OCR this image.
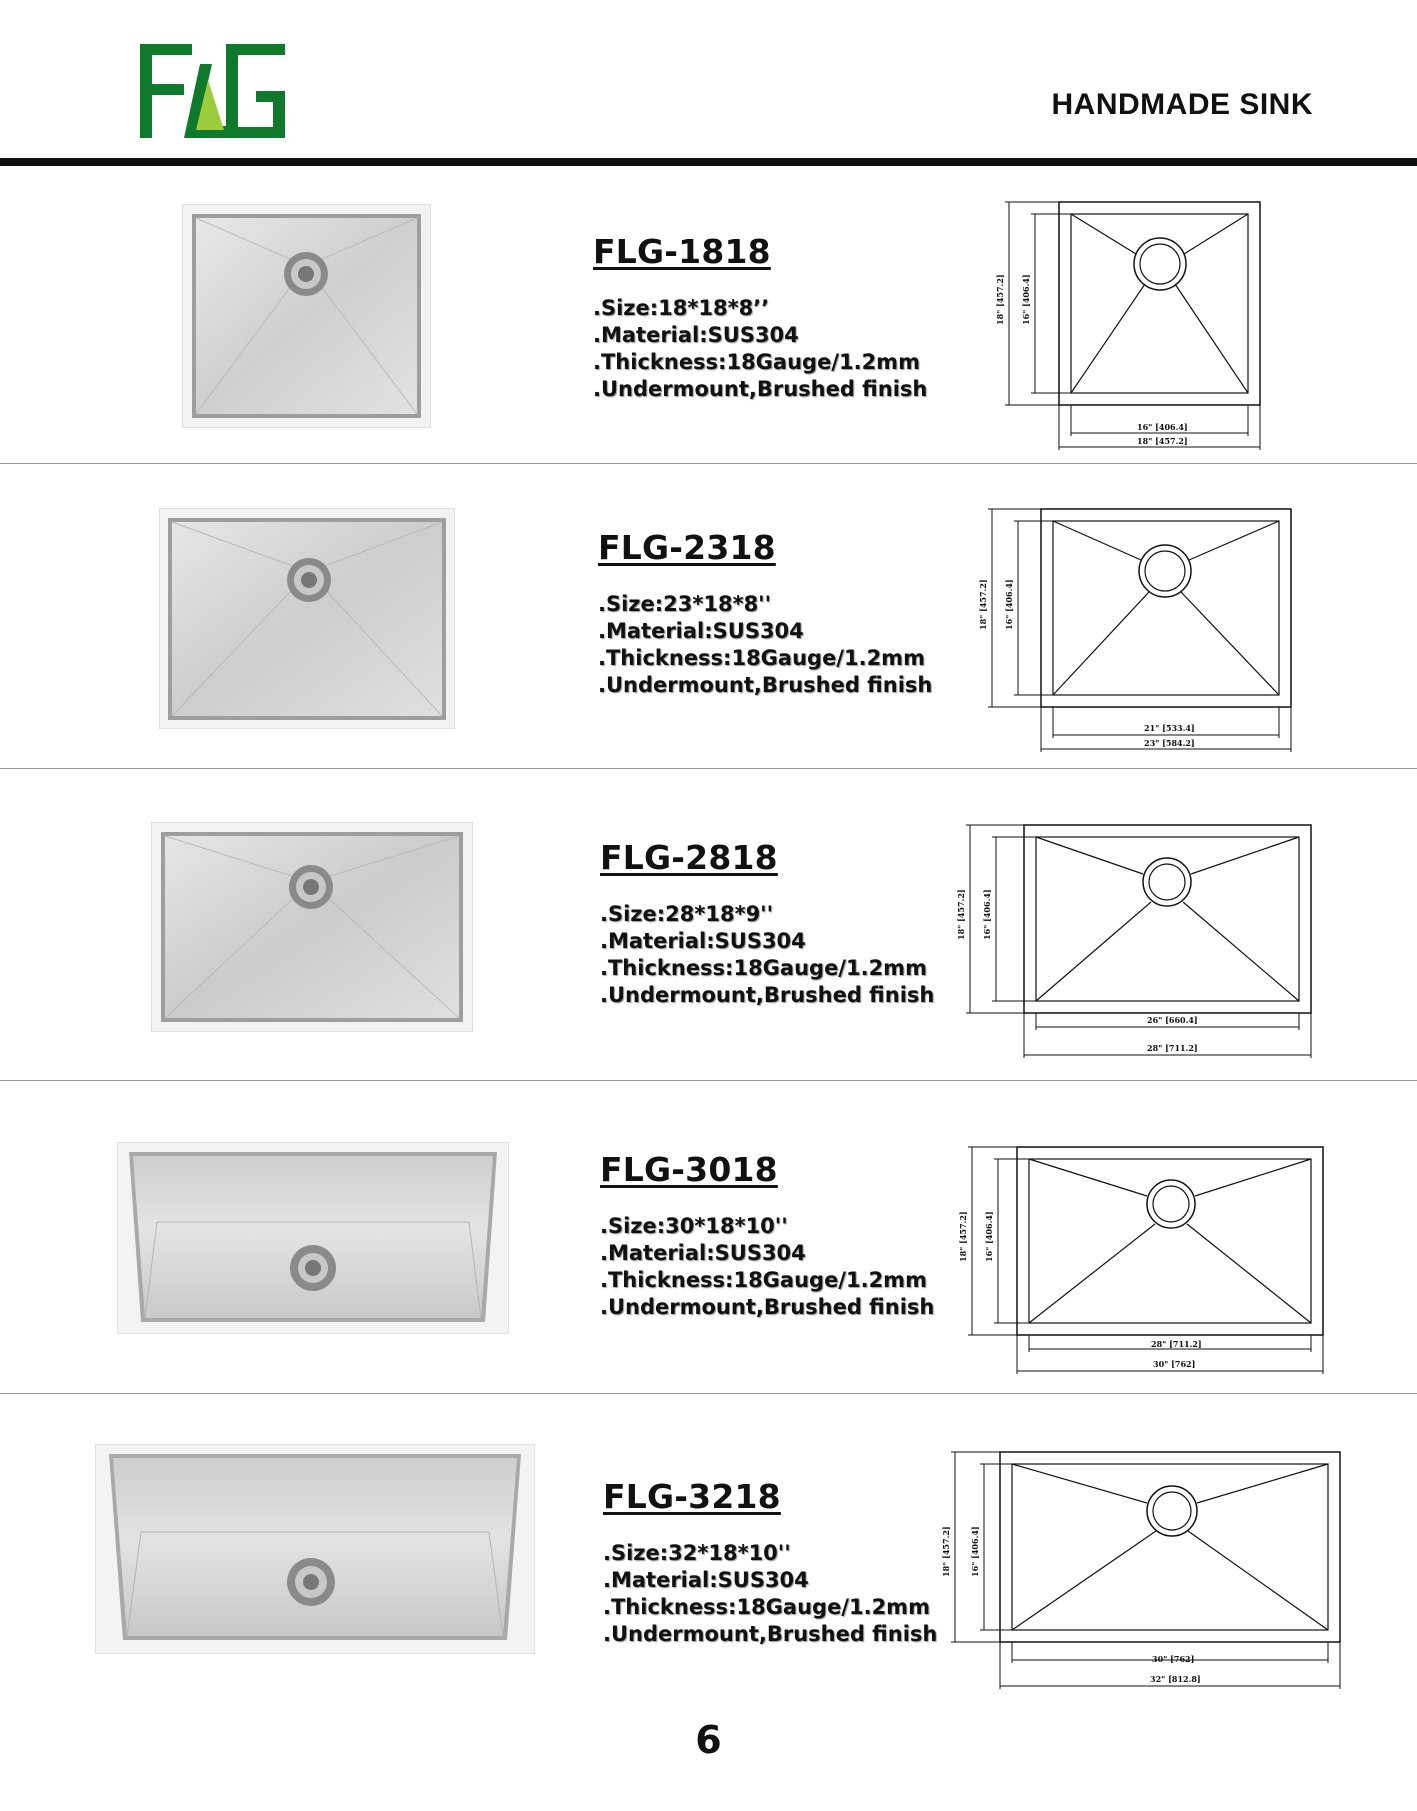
HANDMADE SINK
FLG-1818
.Size:18*18*8’’
.Material:SUS304
.Thickness:18Gauge/1.2mm
.Undermount,Brushed finish
18" [457.2] 16" [406.4]
16" [406.4]
18" [457.2]
FLG-2318
.Size:23*18*8''
.Material:SUS304
.Thickness:18Gauge/1.2mm
.Undermount,Brushed finish
18" [457.2] 16" [406.4]
21" [533.4]
23" [584.2]
FLG-2818
.Size:28*18*9''
.Material:SUS304
.Thickness:18Gauge/1.2mm
.Undermount,Brushed finish
18" [457.2] 16" [406.4]
26" [660.4]
28" [711.2]
FLG-3018
.Size:30*18*10''
.Material:SUS304
.Thickness:18Gauge/1.2mm
.Undermount,Brushed finish
18" [457.2] 16" [406.4]
28" [711.2]
30" [762]
FLG-3218
.Size:32*18*10''
.Material:SUS304
.Thickness:18Gauge/1.2mm
.Undermount,Brushed finish
18" [457.2] 16" [406.4]
30" [762]
32" [812.8]
6
